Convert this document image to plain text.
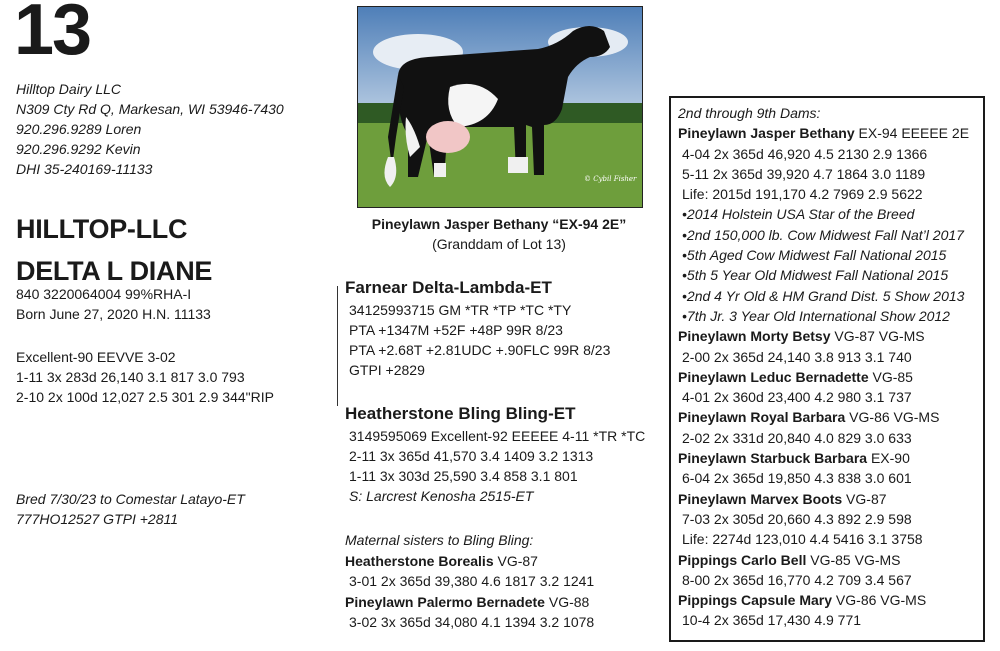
13
Hilltop Dairy LLC
N309 Cty Rd Q, Markesan, WI 53946-7430
920.296.9289 Loren
920.296.9292 Kevin
DHI 35-240169-11133
HILLTOP-LLC
DELTA L DIANE
840 3220064004 99%RHA-I
Born June 27, 2020 H.N. 11133
Excellent-90 EEVVE 3-02
1-11 3x 283d 26,140 3.1 817 3.0 793
2-10 2x 100d 12,027 2.5 301 2.9 344"RIP
Bred 7/30/23 to Comestar Latayo-ET
777HO12527 GTPI +2811
© Cybil Fisher
Pineylawn Jasper Bethany “EX-94 2E”
(Granddam of Lot 13)
Farnear Delta-Lambda-ET
34125993715 GM *TR *TP *TC *TY
PTA +1347M +52F +48P 99R 8/23
PTA +2.68T +2.81UDC +.90FLC 99R 8/23
GTPI +2829
Heatherstone Bling Bling-ET
3149595069 Excellent-92 EEEEE 4-11 *TR *TC
2-11 3x 365d 41,570 3.4 1409 3.2 1313
1-11 3x 303d 25,590 3.4 858 3.1 801
S: Larcrest Kenosha 2515-ET
Maternal sisters to Bling Bling:
Heatherstone Borealis VG-87
3-01 2x 365d 39,380 4.6 1817 3.2 1241
Pineylawn Palermo Bernadete VG-88
3-02 3x 365d 34,080 4.1 1394 3.2 1078
2nd through 9th Dams:
Pineylawn Jasper Bethany EX-94 EEEEE 2E
4-04 2x 365d 46,920 4.5 2130 2.9 1366
5-11 2x 365d 39,920 4.7 1864 3.0 1189
Life: 2015d 191,170 4.2 7969 2.9 5622
•2014 Holstein USA Star of the Breed
•2nd 150,000 lb. Cow Midwest Fall Nat’l 2017
•5th Aged Cow Midwest Fall National 2015
•5th 5 Year Old Midwest Fall National 2015
•2nd 4 Yr Old & HM Grand Dist. 5 Show 2013
•7th Jr. 3 Year Old International Show 2012
Pineylawn Morty Betsy VG-87 VG-MS
2-00 2x 365d 24,140 3.8 913 3.1 740
Pineylawn Leduc Bernadette VG-85
4-01 2x 360d 23,400 4.2 980 3.1 737
Pineylawn Royal Barbara VG-86 VG-MS
2-02 2x 331d 20,840 4.0 829 3.0 633
Pineylawn Starbuck Barbara EX-90
6-04 2x 365d 19,850 4.3 838 3.0 601
Pineylawn Marvex Boots VG-87
7-03 2x 305d 20,660 4.3 892 2.9 598
Life: 2274d 123,010 4.4 5416 3.1 3758
Pippings Carlo Bell VG-85 VG-MS
8-00 2x 365d 16,770 4.2 709 3.4 567
Pippings Capsule Mary VG-86 VG-MS
10-4 2x 365d 17,430 4.9 771
